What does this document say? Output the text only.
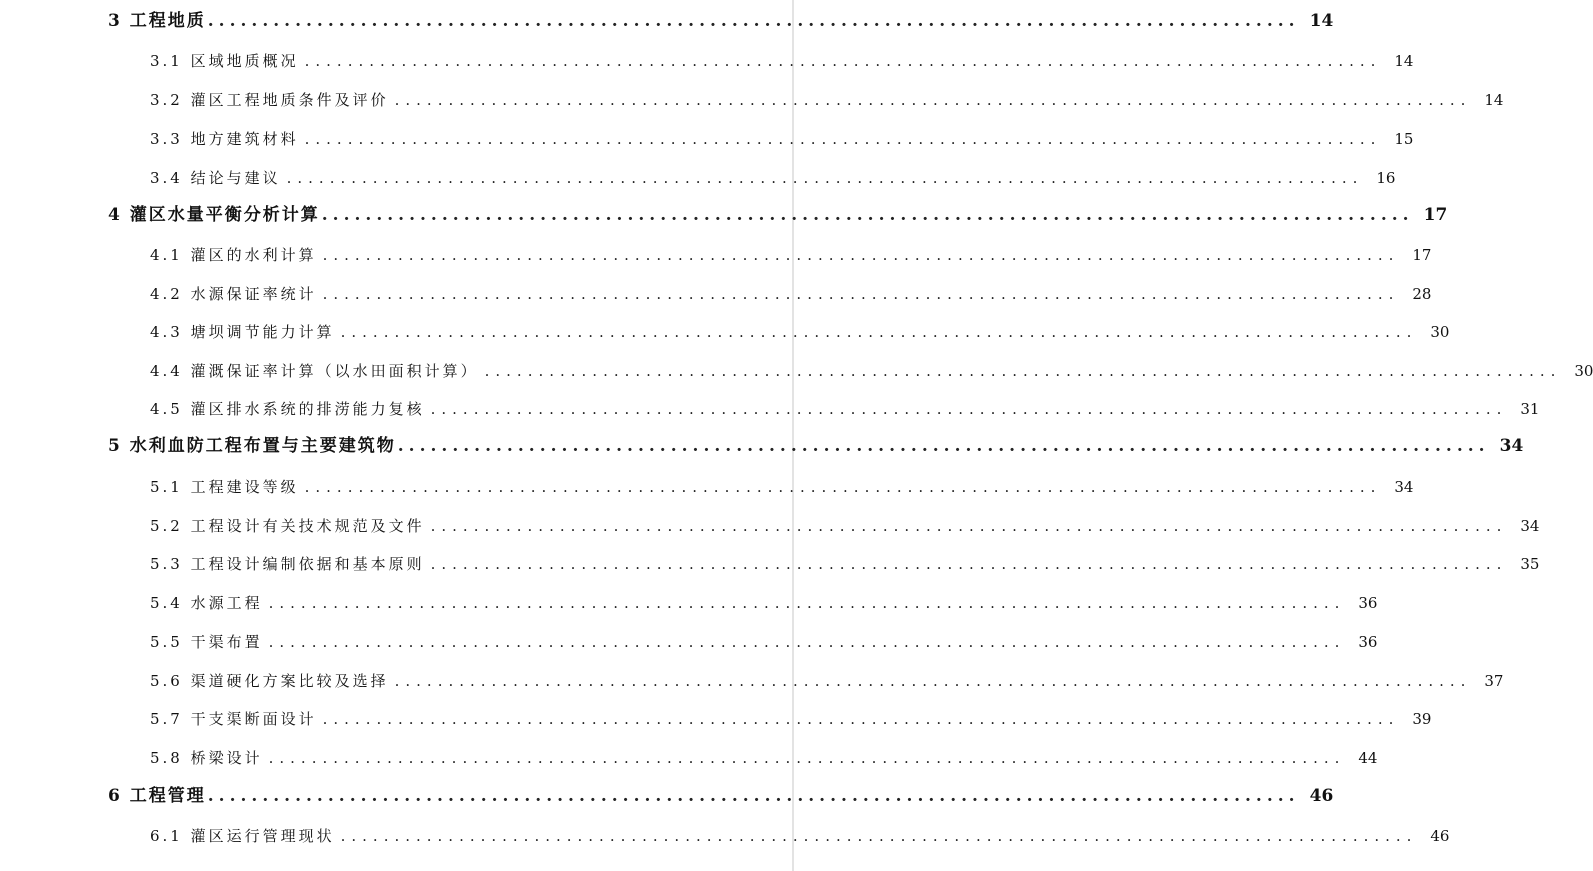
3 工程地质 .................................................................................................... 14
3.1 区域地质概况 .................................................................................................... 14
3.2 灌区工程地质条件及评价 .................................................................................................... 14
3.3 地方建筑材料 .................................................................................................... 15
3.4 结论与建议 .................................................................................................... 16
4 灌区水量平衡分析计算 .................................................................................................... 17
4.1 灌区的水利计算 .................................................................................................... 17
4.2 水源保证率统计 .................................................................................................... 28
4.3 塘坝调节能力计算 .................................................................................................... 30
4.4 灌溉保证率计算（以水田面积计算） .................................................................................................... 30
4.5 灌区排水系统的排涝能力复核 .................................................................................................... 31
5 水利血防工程布置与主要建筑物 .................................................................................................... 34
5.1 工程建设等级 .................................................................................................... 34
5.2 工程设计有关技术规范及文件 .................................................................................................... 34
5.3 工程设计编制依据和基本原则 .................................................................................................... 35
5.4 水源工程 .................................................................................................... 36
5.5 干渠布置 .................................................................................................... 36
5.6 渠道硬化方案比较及选择 .................................................................................................... 37
5.7 干支渠断面设计 .................................................................................................... 39
5.8 桥梁设计 .................................................................................................... 44
6 工程管理 .................................................................................................... 46
6.1 灌区运行管理现状 .................................................................................................... 46
